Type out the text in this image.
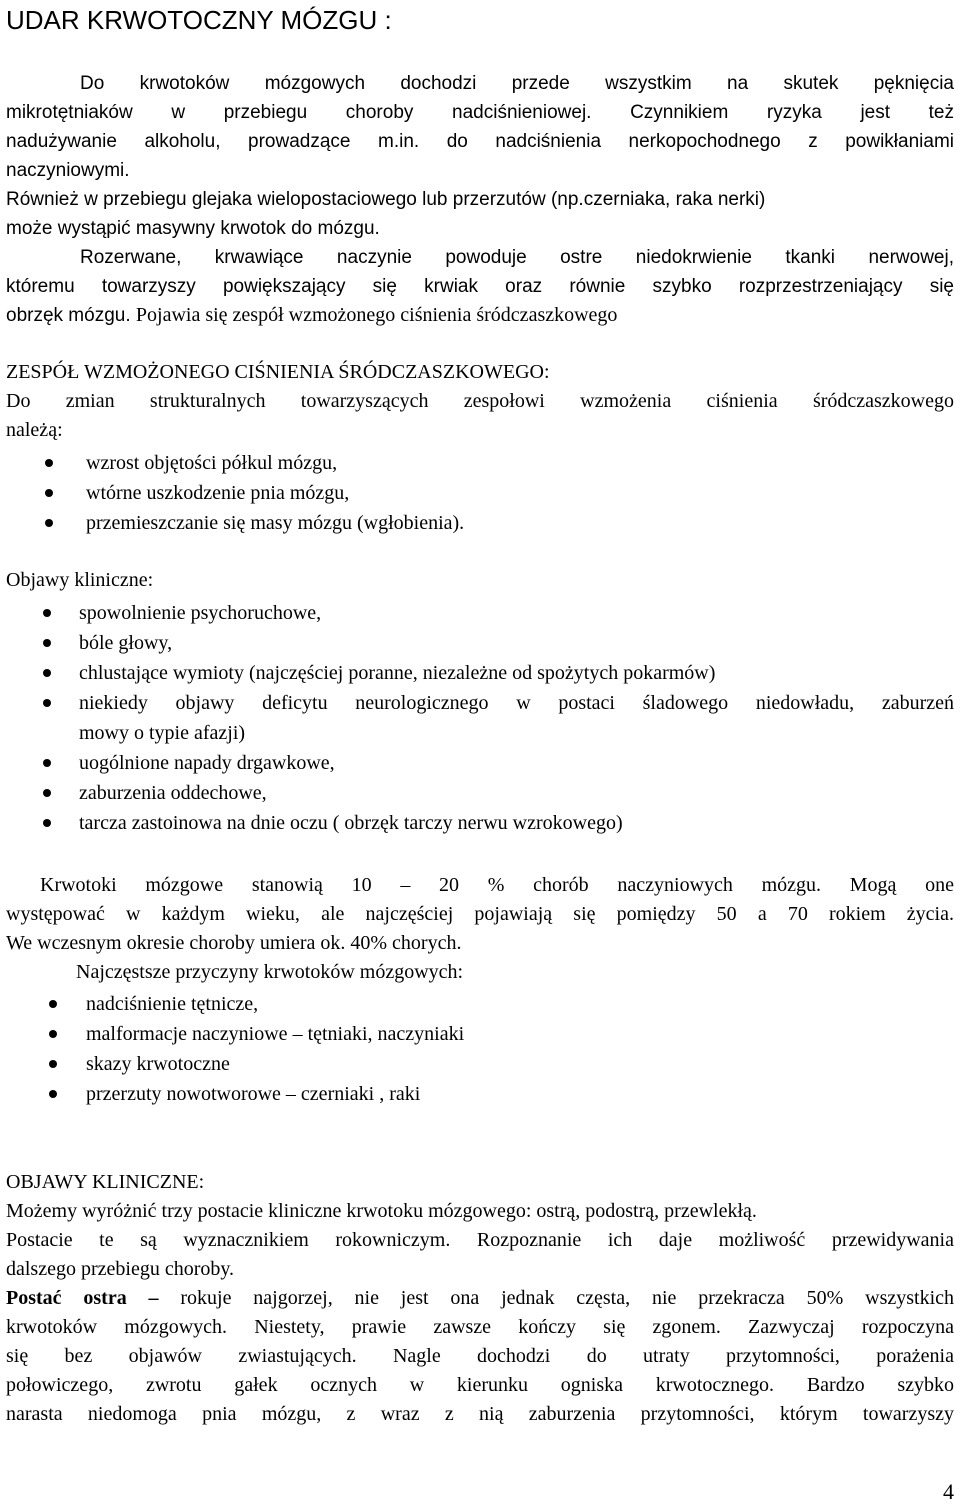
UDAR KRWOTOCZNY MÓZGU :
Do krwotoków mózgowych dochodzi przede wszystkim na skutek pęknięcia
mikrotętniaków w przebiegu choroby nadciśnieniowej. Czynnikiem ryzyka jest też
nadużywanie alkoholu, prowadzące m.in. do nadciśnienia nerkopochodnego z powikłaniami
naczyniowymi.
Również w przebiegu glejaka wielopostaciowego lub przerzutów (np.czerniaka, raka nerki)
może wystąpić masywny krwotok do mózgu.
Rozerwane, krwawiące naczynie powoduje ostre niedokrwienie tkanki nerwowej,
któremu towarzyszy powiększający się krwiak oraz równie szybko rozprzestrzeniający się
obrzęk mózgu. Pojawia się zespół wzmożonego ciśnienia śródczaszkowego
ZESPÓŁ WZMOŻONEGO CIŚNIENIA ŚRÓDCZASZKOWEGO:
Do zmian strukturalnych towarzyszących zespołowi wzmożenia ciśnienia śródczaszkowego
należą:
wzrost objętości półkul mózgu,
wtórne uszkodzenie pnia mózgu,
przemieszczanie się masy mózgu (wgłobienia).
Objawy kliniczne:
spowolnienie psychoruchowe,
bóle głowy,
chlustające wymioty (najczęściej poranne, niezależne od spożytych pokarmów)
niekiedy objawy deficytu neurologicznego w postaci śladowego niedowładu, zaburzeń
mowy o typie afazji)
uogólnione napady drgawkowe,
zaburzenia oddechowe,
tarcza zastoinowa na dnie oczu ( obrzęk tarczy nerwu wzrokowego)
Krwotoki mózgowe stanowią 10 – 20 % chorób naczyniowych mózgu. Mogą one
występować w każdym wieku, ale najczęściej pojawiają się pomiędzy 50 a 70 rokiem życia.
We wczesnym okresie choroby umiera ok. 40% chorych.
Najczęstsze przyczyny krwotoków mózgowych:
nadciśnienie tętnicze,
malformacje naczyniowe – tętniaki, naczyniaki
skazy krwotoczne
przerzuty nowotworowe – czerniaki , raki
OBJAWY KLINICZNE:
Możemy wyróżnić trzy postacie kliniczne krwotoku mózgowego: ostrą, podostrą, przewlekłą.
Postacie te są wyznacznikiem rokowniczym. Rozpoznanie ich daje możliwość przewidywania
dalszego przebiegu choroby.
Postać ostra – rokuje najgorzej, nie jest ona jednak częsta, nie przekracza 50% wszystkich
krwotoków mózgowych. Niestety, prawie zawsze kończy się zgonem. Zazwyczaj rozpoczyna
się bez objawów zwiastujących. Nagle dochodzi do utraty przytomności, porażenia
połowiczego, zwrotu gałek ocznych w kierunku ogniska krwotocznego. Bardzo szybko
narasta niedomoga pnia mózgu, z wraz z nią zaburzenia przytomności, którym towarzyszy
4
